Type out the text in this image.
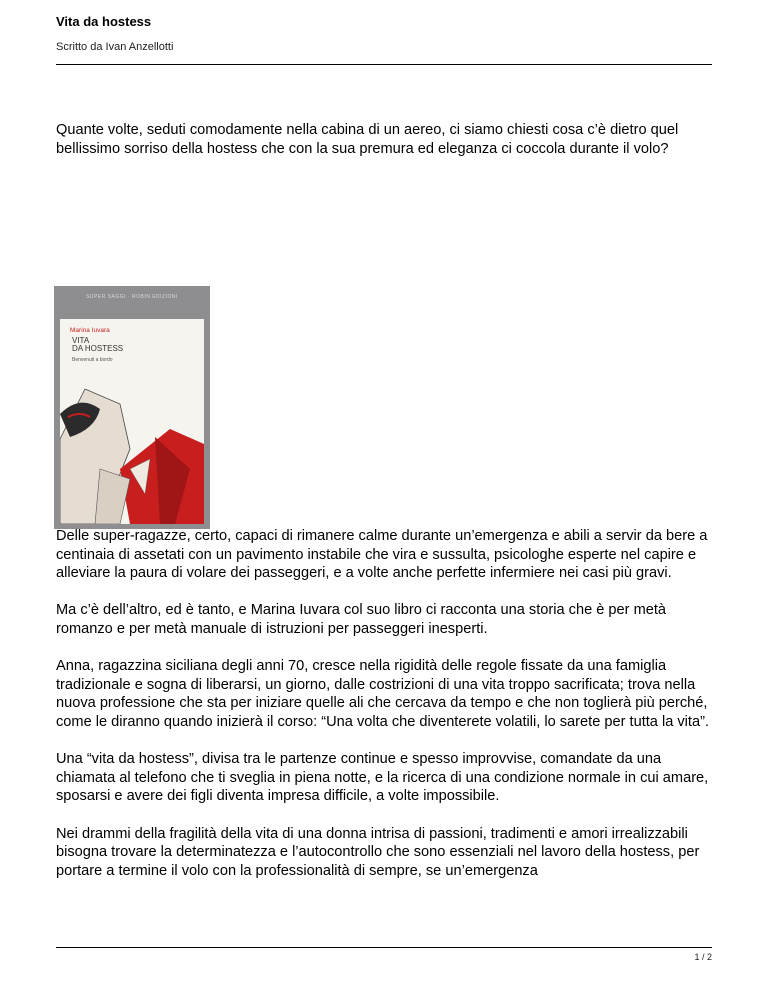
Vita da hostess
Scritto da Ivan Anzellotti

Quante volte, seduti comodamente nella cabina di un aereo, ci siamo chiesti cosa c’è dietro quel bellissimo sorriso della hostess che con la sua premura ed eleganza ci coccola durante il volo?

SUPER SAGGI · ROBIN EDIZIONI
Marina Iuvara
VITA
DA HOSTESS
Benvenuti a bordo

Delle super-ragazze, certo, capaci di rimanere calme durante un’emergenza e abili a servir da bere a centinaia di assetati con un pavimento instabile che vira e sussulta, psicologhe esperte nel capire e alleviare la paura di volare dei passeggeri, e a volte anche perfette infermiere nei casi più gravi.

Ma c’è dell’altro, ed è tanto, e Marina Iuvara col suo libro ci racconta una storia che è per metà romanzo e per metà manuale di istruzioni per passeggeri inesperti.

Anna, ragazzina siciliana degli anni 70, cresce nella rigidità delle regole fissate da una famiglia tradizionale e sogna di liberarsi, un giorno, dalle costrizioni di una vita troppo sacrificata; trova nella nuova professione che sta per iniziare quelle ali che cercava da tempo e che non toglierà più perché, come le diranno quando inizierà il corso: “Una volta che diventerete volatili, lo sarete per tutta la vita”.

Una “vita da hostess”, divisa tra le partenze continue e spesso improvvise, comandate da una chiamata al telefono che ti sveglia in piena notte, e la ricerca di una condizione normale in cui amare, sposarsi e avere dei figli diventa impresa difficile, a volte impossibile.

Nei drammi della fragilità della vita di una donna intrisa di passioni, tradimenti e amori irrealizzabili bisogna trovare la determinatezza e l’autocontrollo che sono essenziali nel lavoro della hostess, per portare a termine il volo con la professionalità di sempre, se un’emergenza

1 / 2
